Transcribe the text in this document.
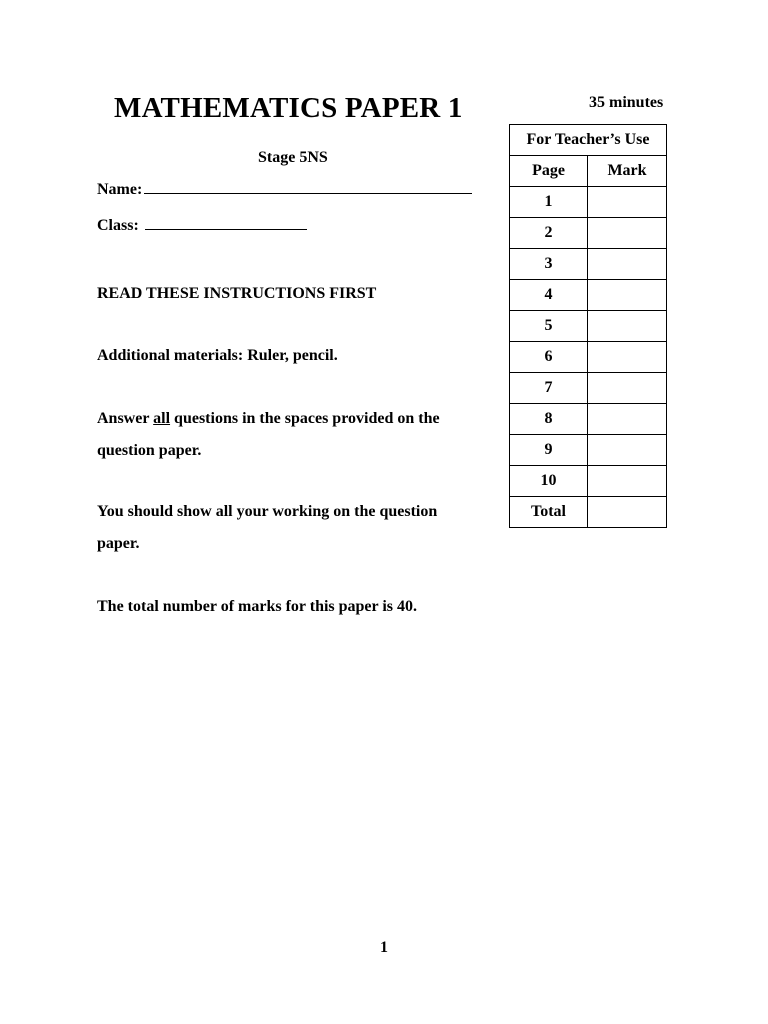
MATHEMATICS PAPER 1	35 minutes
Stage 5NS
Name:
Class:
READ THESE INSTRUCTIONS FIRST
Additional materials: Ruler, pencil.
Answer all questions in the spaces provided on the question paper.
You should show all your working on the question paper.
The total number of marks for this paper is 40.
For Teacher’s Use	
Page	Mark
1	
2	
3	
4	
5	
6	
7	
8	
9	
10	
Total	
1
